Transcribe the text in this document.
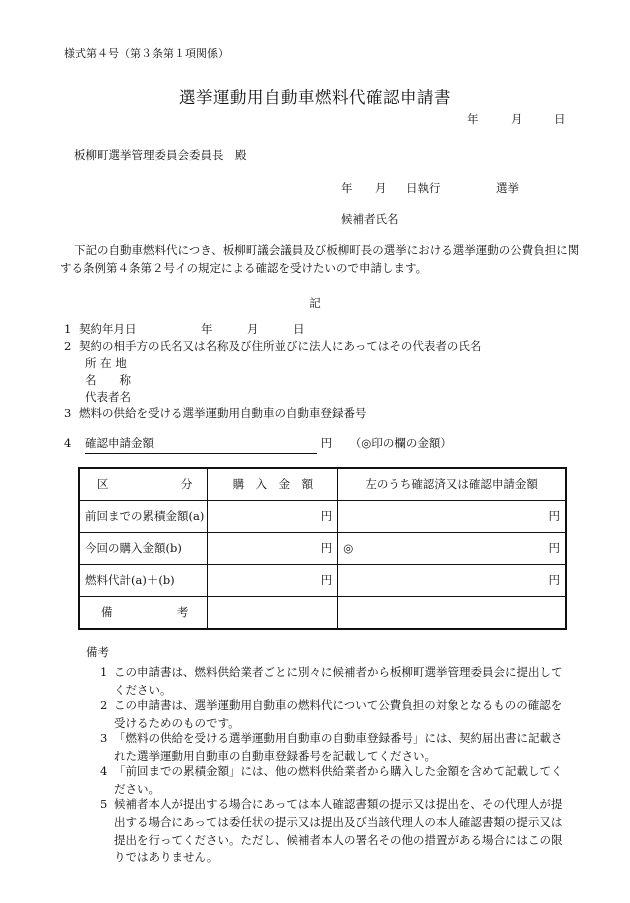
様式第４号（第３条第１項関係）
選挙運動用自動車燃料代確認申請書
年	月	日
板柳町選挙管理委員会委員長　殿
年 月 日執行	選挙
候補者氏名
下記の自動車燃料代につき、板柳町議会議員及び板柳町長の選挙における選挙運動の公費負担に関する条例第４条第２号イの規定による確認を受けたいので申請します。
記
1 契約年月日	年	月	日
2 契約の相手方の氏名又は名称及び住所並びに法人にあってはその代表者の氏名
所 在 地
名　　称
代表者名
3 燃料の供給を受ける選挙運動用自動車の自動車登録番号
4 確認申請金額	円 （◎印の欄の金額）
区 分	購　入　金　額	左のうち確認済又は確認申請金額
前回までの累積金額(a)	円	円
今回の購入金額(b)	円	◎ 円

燃料代計(a)＋(b)	円	円

備 考		

備考
1 この申請書は、燃料供給業者ごとに別々に候補者から板柳町選挙管理委員会に提出してください。
2 この申請書は、選挙運動用自動車の燃料代について公費負担の対象となるものの確認を受けるためのものです。
3 「燃料の供給を受ける選挙運動用自動車の自動車登録番号」には、契約届出書に記載された選挙運動用自動車の自動車登録番号を記載してください。
4 「前回までの累積金額」には、他の燃料供給業者から購入した金額を含めて記載してください。
5 候補者本人が提出する場合にあっては本人確認書類の提示又は提出を、その代理人が提出する場合にあっては委任状の提示又は提出及び当該代理人の本人確認書類の提示又は提出を行ってください。ただし、候補者本人の署名その他の措置がある場合にはこの限りではありません。
